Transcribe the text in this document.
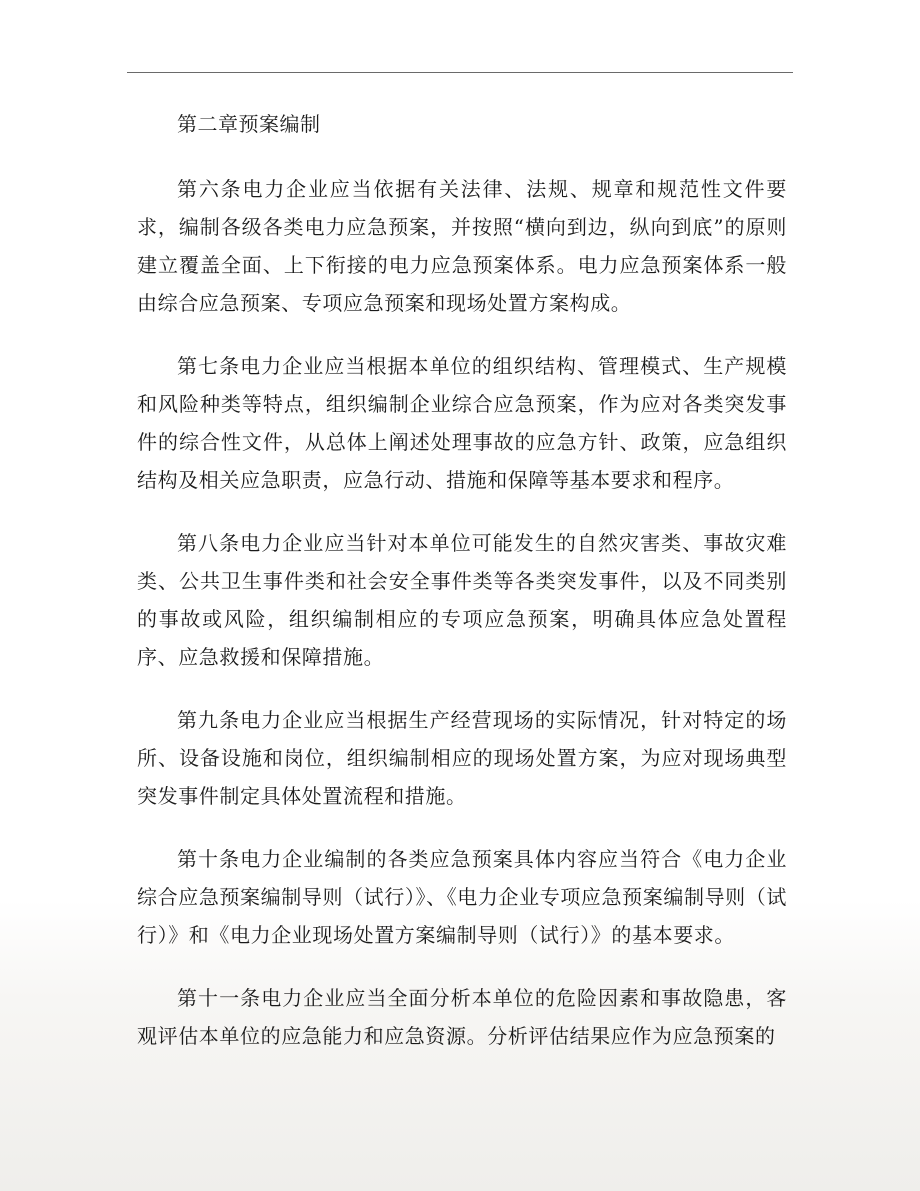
第二章预案编制

第六条电力企业应当依据有关法律、法规、规章和规范性文件要求，编制各级各类电力应急预案，并按照“横向到边，纵向到底”的原则建立覆盖全面、上下衔接的电力应急预案体系。电力应急预案体系一般由综合应急预案、专项应急预案和现场处置方案构成。

第七条电力企业应当根据本单位的组织结构、管理模式、生产规模和风险种类等特点，组织编制企业综合应急预案，作为应对各类突发事件的综合性文件，从总体上阐述处理事故的应急方针、政策，应急组织结构及相关应急职责，应急行动、措施和保障等基本要求和程序。

第八条电力企业应当针对本单位可能发生的自然灾害类、事故灾难类、公共卫生事件类和社会安全事件类等各类突发事件，以及不同类别的事故或风险，组织编制相应的专项应急预案，明确具体应急处置程序、应急救援和保障措施。

第九条电力企业应当根据生产经营现场的实际情况，针对特定的场所、设备设施和岗位，组织编制相应的现场处置方案，为应对现场典型突发事件制定具体处置流程和措施。

第十条电力企业编制的各类应急预案具体内容应当符合《电力企业综合应急预案编制导则（试行）》、《电力企业专项应急预案编制导则（试行）》和《电力企业现场处置方案编制导则（试行）》的基本要求。

第十一条电力企业应当全面分析本单位的危险因素和事故隐患，客观评估本单位的应急能力和应急资源。分析评估结果应作为应急预案的
